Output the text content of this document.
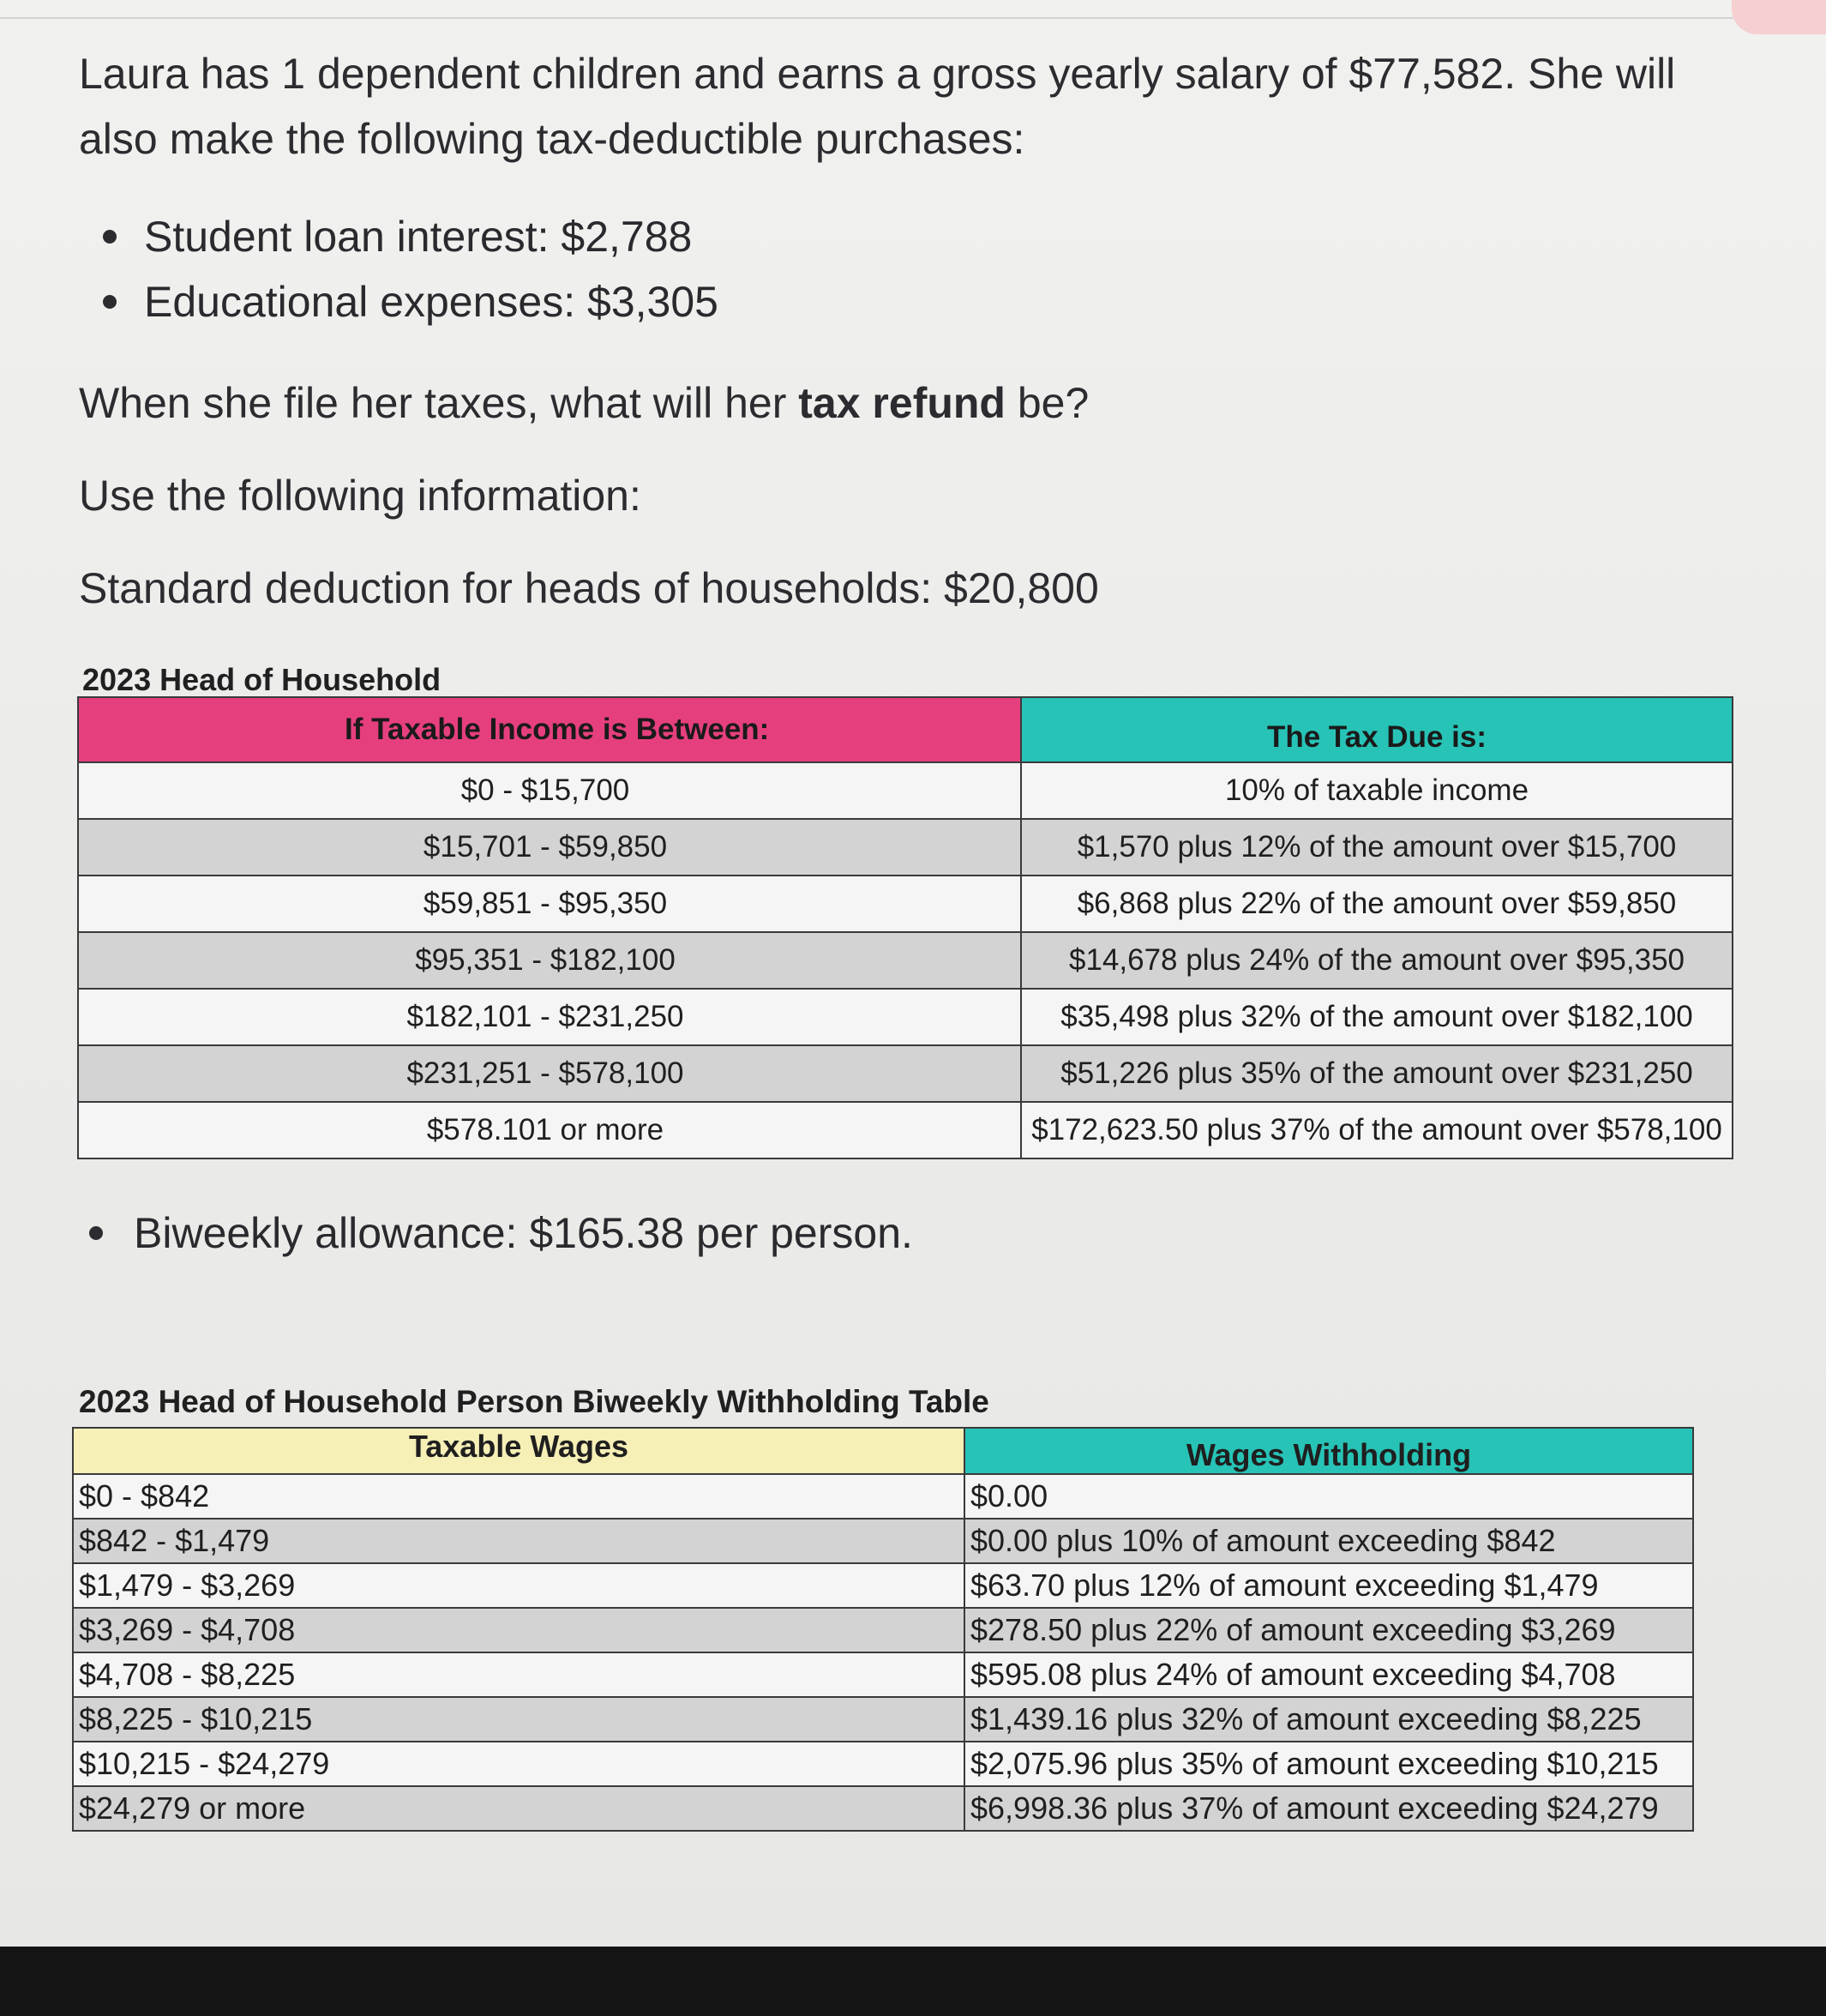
Laura has 1 dependent children and earns a gross yearly salary of $77,582. She will also make the following tax-deductible purchases:

Student loan interest: $2,788
Educational expenses: $3,305

When she file her taxes, what will her tax refund be?

Use the following information:

Standard deduction for heads of households: $20,800

2023 Head of Household

If Taxable Income is Between:	The Tax Due is:
$0 - $15,700	10% of taxable income
$15,701 - $59,850	$1,570 plus 12% of the amount over $15,700
$59,851 - $95,350	$6,868 plus 22% of the amount over $59,850
$95,351 - $182,100	$14,678 plus 24% of the amount over $95,350
$182,101 - $231,250	$35,498 plus 32% of the amount over $182,100
$231,251 - $578,100	$51,226 plus 35% of the amount over $231,250
$578.101 or more	$172,623.50 plus 37% of the amount over $578,100
Biweekly allowance: $165.38 per person.

2023 Head of Household Person Biweekly Withholding Table

Taxable Wages	Wages Withholding
$0 - $842	$0.00
$842 - $1,479	$0.00 plus 10% of amount exceeding $842
$1,479 - $3,269	$63.70 plus 12% of amount exceeding $1,479
$3,269 - $4,708	$278.50 plus 22% of amount exceeding $3,269
$4,708 - $8,225	$595.08 plus 24% of amount exceeding $4,708
$8,225 - $10,215	$1,439.16 plus 32% of amount exceeding $8,225
$10,215 - $24,279	$2,075.96 plus 35% of amount exceeding $10,215
$24,279 or more	$6,998.36 plus 37% of amount exceeding $24,279
